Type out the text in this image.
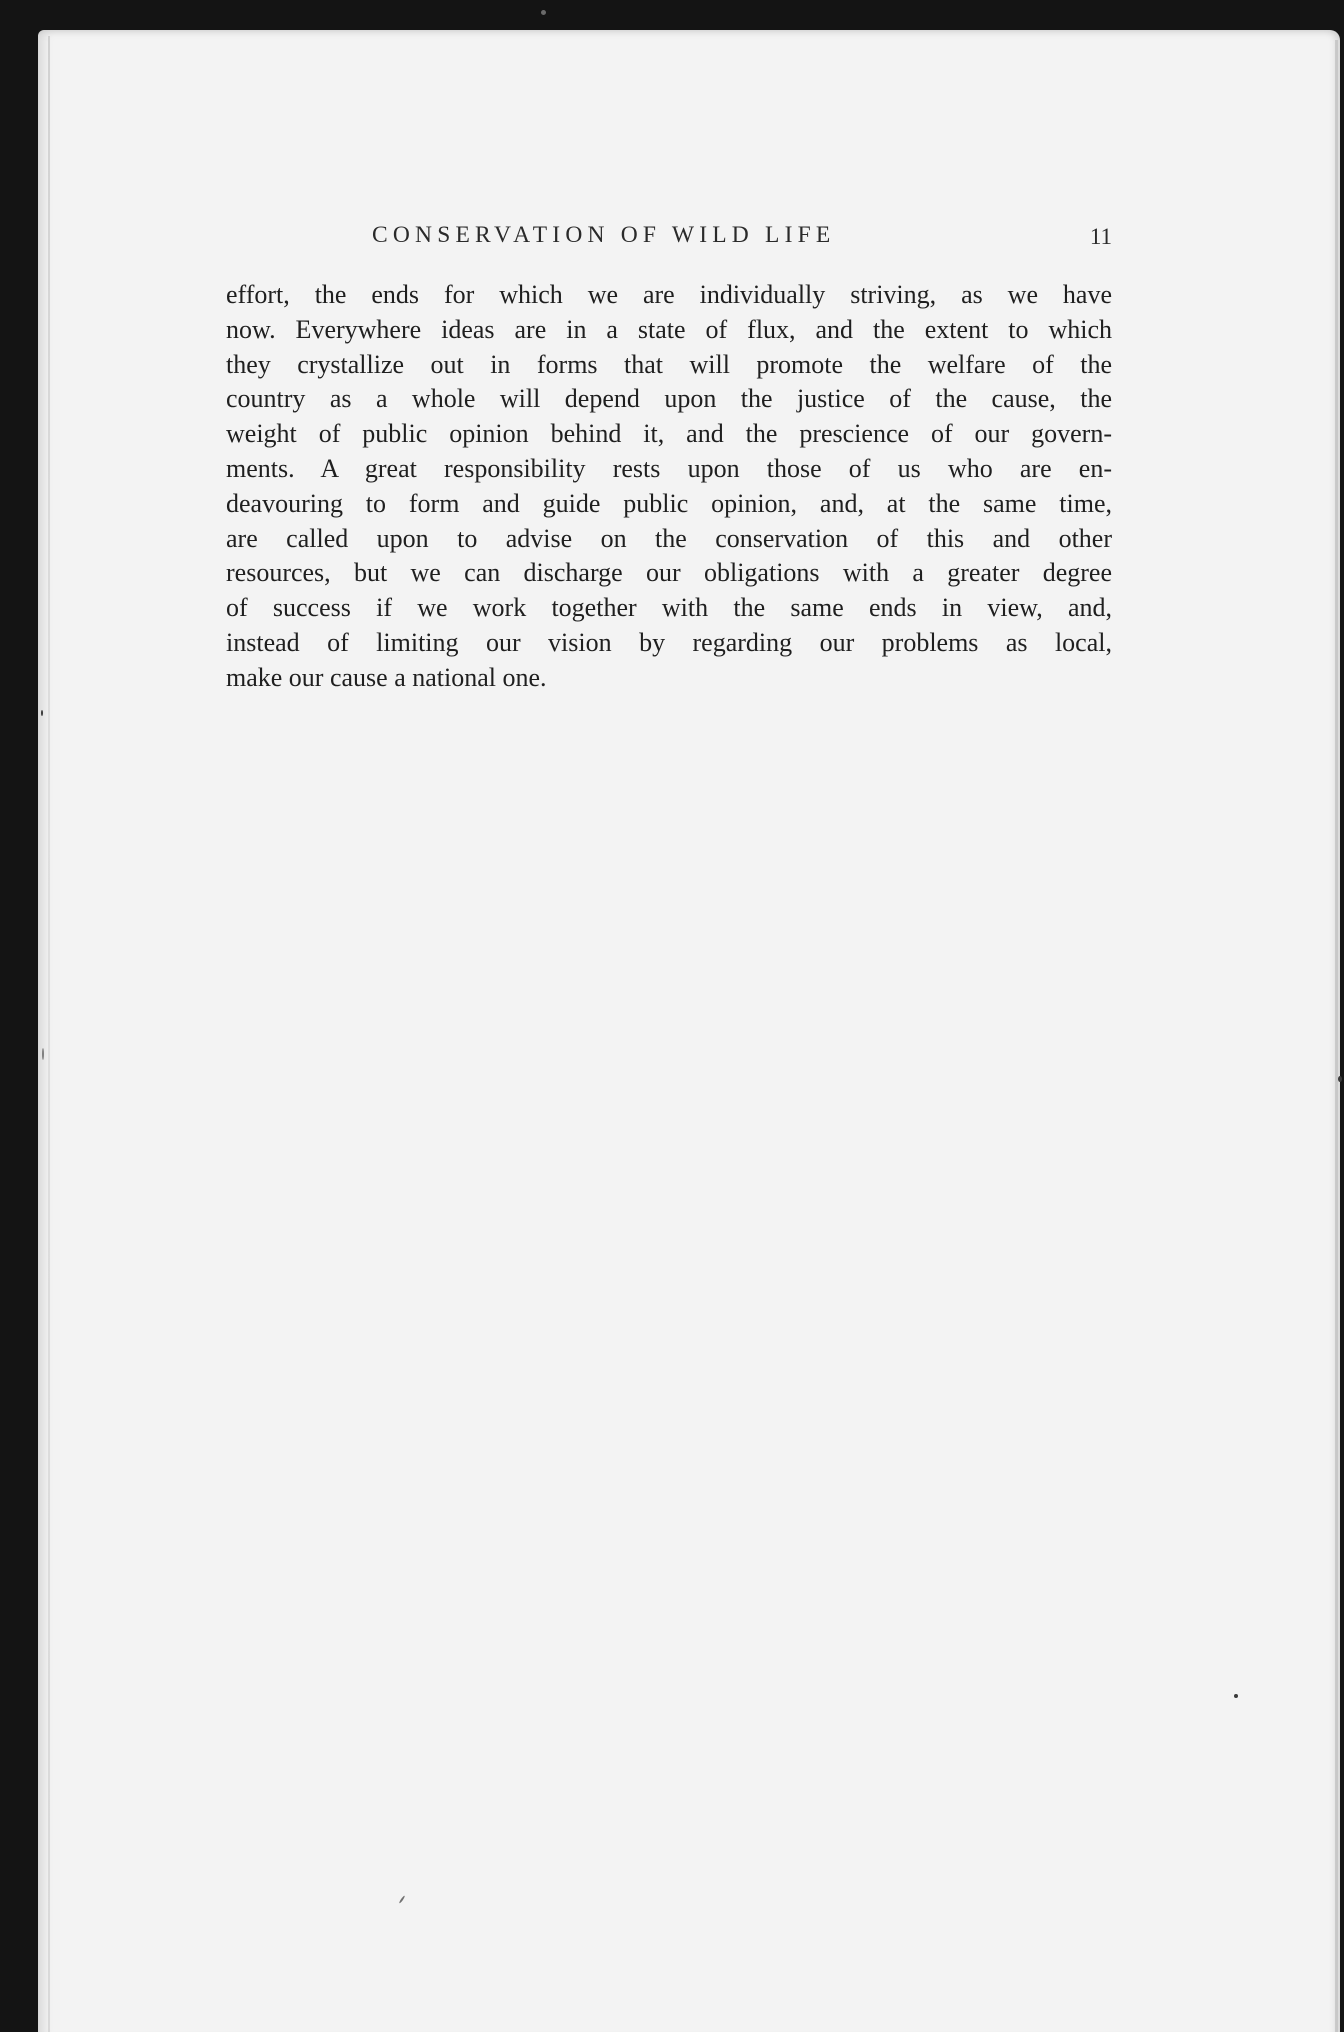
CONSERVATION OF WILD LIFE	11

effort, the ends for which we are individually striving, as we have
now. Everywhere ideas are in a state of flux, and the extent to which
they crystallize out in forms that will promote the welfare of the
country as a whole will depend upon the justice of the cause, the
weight of public opinion behind it, and the prescience of our govern-
ments. A great responsibility rests upon those of us who are en-
deavouring to form and guide public opinion, and, at the same time,
are called upon to advise on the conservation of this and other
resources, but we can discharge our obligations with a greater degree
of success if we work together with the same ends in view, and,
instead of limiting our vision by regarding our problems as local,
make our cause a national one.
